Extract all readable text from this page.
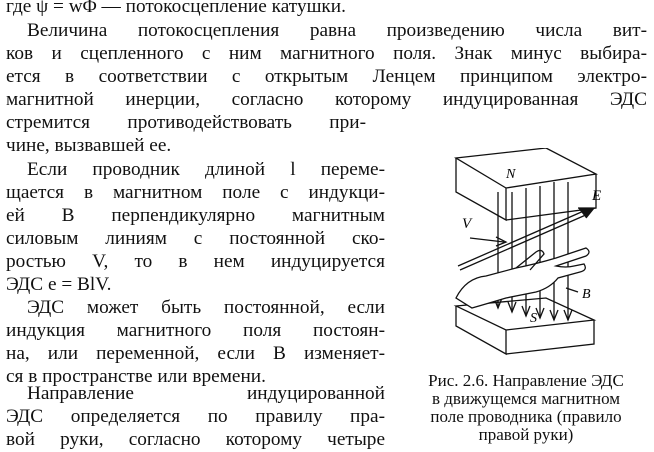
где ψ = wΦ — потокосцепление катушки.
Величина потокосцепления равна произведению числа вит-
ков и сцепленного с ним магнитного поля. Знак минус выбира-
ется в соответствии с открытым Ленцем принципом электро-
магнитной инерции, согласно которому индуцированная ЭДС
стремится противодействовать при-
чине, вызвавшей ее.
Если проводник длиной l переме-
щается в магнитном поле с индукци-
ей B перпендикулярно магнитным
силовым линиям с постоянной ско-
ростью V, то в нем индуцируется
ЭДС e = BlV.
ЭДС может быть постоянной, если
индукция магнитного поля постоян-
на, или переменной, если B изменяет-
ся в пространстве или времени.
Направление индуцированной
ЭДС определяется по правилу пра-
вой руки, согласно которому четыре
N
S
E
V
B
Рис. 2.6. Направление ЭДС
в движущемся магнитном
поле проводника (правило
правой руки)
